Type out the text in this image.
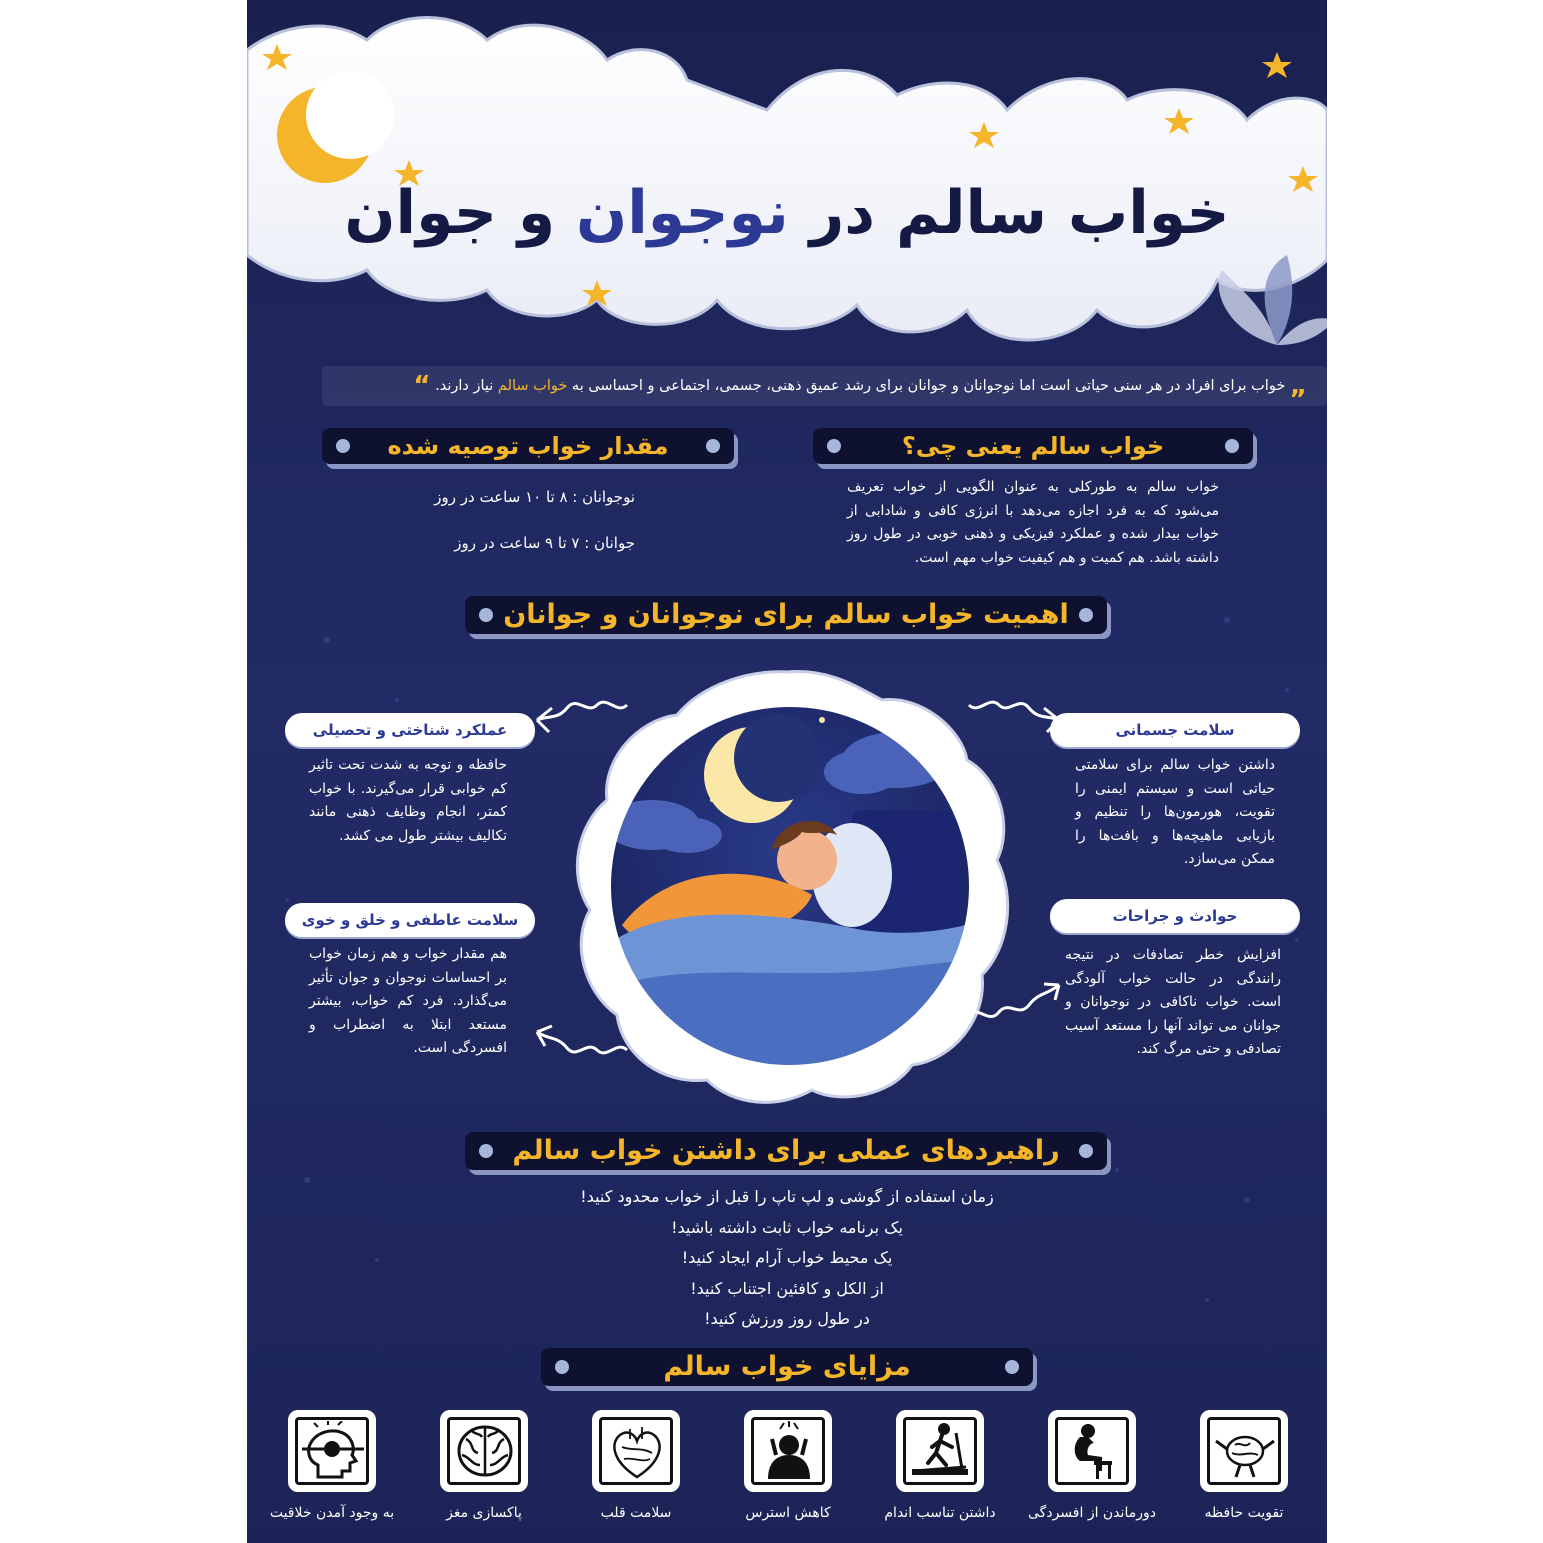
خواب سالم در نوجوان و جوان
„ خواب برای افراد در هر سنی حیاتی است اما نوجوانان و جوانان برای رشد عمیق ذهنی، جسمی، اجتماعی و احساسی به خواب سالم نیاز دارند. “
خواب سالم یعنی چی؟
خواب سالم به طورکلی به عنوان الگویی از خواب تعریف می‌شود که به فرد اجازه می‌دهد با انرژی کافی و شادابی از خواب بیدار شده و عملکرد فیزیکی و ذهنی خوبی در طول روز داشته باشد. هم کمیت و هم کیفیت خواب مهم است.
مقدار خواب توصیه شده
نوجوانان : ۸ تا ۱۰ ساعت در روز
جوانان : ۷ تا ۹ ساعت در روز
اهمیت خواب سالم برای نوجوانان و جوانان
سلامت جسمانی
داشتن خواب سالم برای سلامتی حیاتی است و سیستم ایمنی را تقویت، هورمون‌ها را تنظیم و بازیابی ماهیچه‌ها و بافت‌ها را ممکن می‌سازد.
حوادث و جراحات
افزایش خطر تصادفات در نتیجه رانندگی در حالت خواب آلودگی است. خواب ناکافی در نوجوانان و جوانان می تواند آنها را مستعد آسیب تصادفی و حتی مرگ کند.
عملکرد شناختی و تحصیلی
حافظه و توجه به شدت تحت تاثیر کم خوابی قرار می‌گیرند. با خواب کمتر، انجام وظایف ذهنی مانند تکالیف بیشتر طول می کشد.
سلامت عاطفی و خلق و خوی
هم مقدار خواب و هم زمان خواب بر احساسات نوجوان و جوان تأثیر می‌گذارد. فرد کم خواب، بیشتر مستعد ابتلا به اضطراب و افسردگی است.
راهبردهای عملی برای داشتن خواب سالم
زمان استفاده از گوشی و لپ تاپ را قبل از خواب محدود کنید!
یک برنامه خواب ثابت داشته باشید!
یک محیط خواب آرام ایجاد کنید!
از الکل و کافئین اجتناب کنید!
در طول روز ورزش کنید!
مزایای خواب سالم
تقویت حافظه
دورماندن از افسردگی
داشتن تناسب اندام
کاهش استرس
سلامت قلب
پاکسازی مغز
به وجود آمدن خلاقیت
